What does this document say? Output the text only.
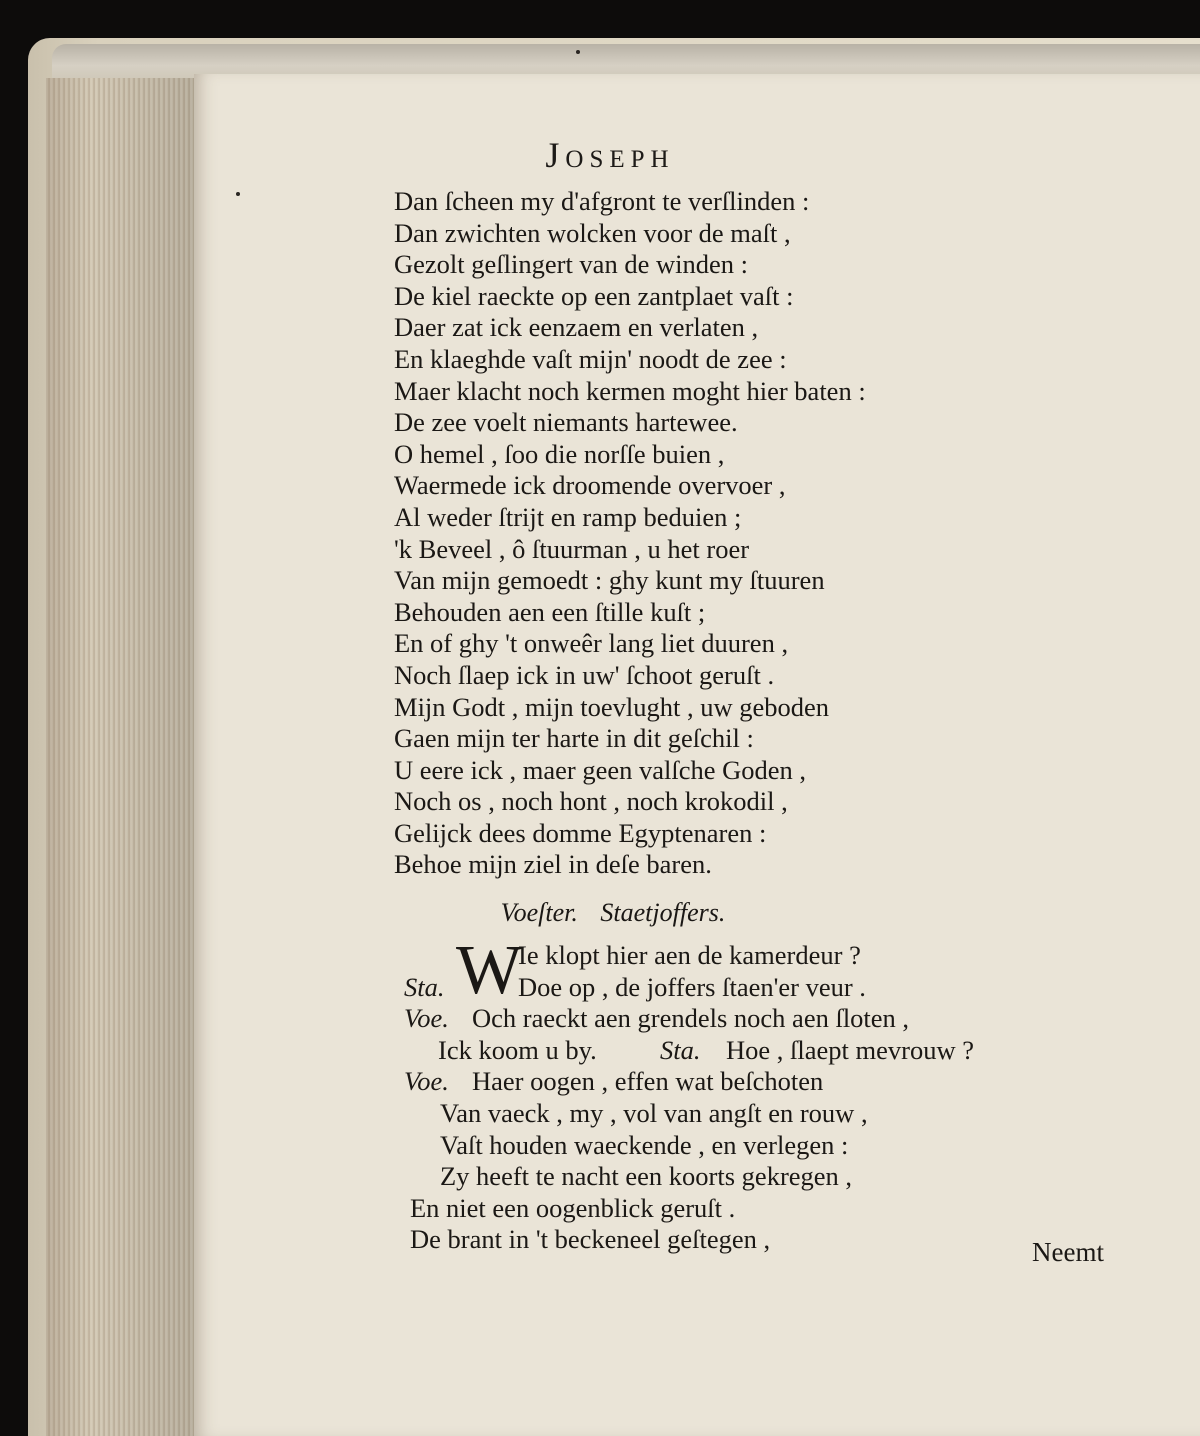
Joseph
Dan ſcheen my d'afgront te verſlinden :
Dan zwichten wolcken voor de maſt ,
Gezolt geſlingert van de winden :
De kiel raeckte op een zantplaet vaſt :
Daer zat ick eenzaem en verlaten ,
En klaeghde vaſt mijn' noodt de zee :
Maer klacht noch kermen moght hier baten :
De zee voelt niemants hartewee.
O hemel , ſoo die norſſe buien ,
Waermede ick droomende overvoer ,
Al weder ſtrijt en ramp beduien ;
'k Beveel , ô ſtuurman , u het roer
Van mijn gemoedt : ghy kunt my ſtuuren
Behouden aen een ſtille kuſt ;
En of ghy 't onweêr lang liet duuren ,
Noch ſlaep ick in uw' ſchoot geruſt .
Mijn Godt , mijn toevlught , uw geboden
Gaen mijn ter harte in dit geſchil :
U eere ick , maer geen valſche Goden ,
Noch os , noch hont , noch krokodil ,
Gelijck dees domme Egyptenaren :
Behoe mijn ziel in deſe baren.
Voeſter. Staetjoffers.
W
Ie klopt hier aen de kamerdeur ?
Sta.	Doe op , de joffers ſtaen'er veur .
Voe. Och raeckt aen grendels noch aen ſloten ,
Ick koom u by. Sta. Hoe , ſlaept mevrouw ?
Voe. Haer oogen , effen wat beſchoten
Van vaeck , my , vol van angſt en rouw ,
Vaſt houden waeckende , en verlegen :
Zy heeft te nacht een koorts gekregen ,
En niet een oogenblick geruſt .
De brant in 't beckeneel geſtegen ,	Neemt
